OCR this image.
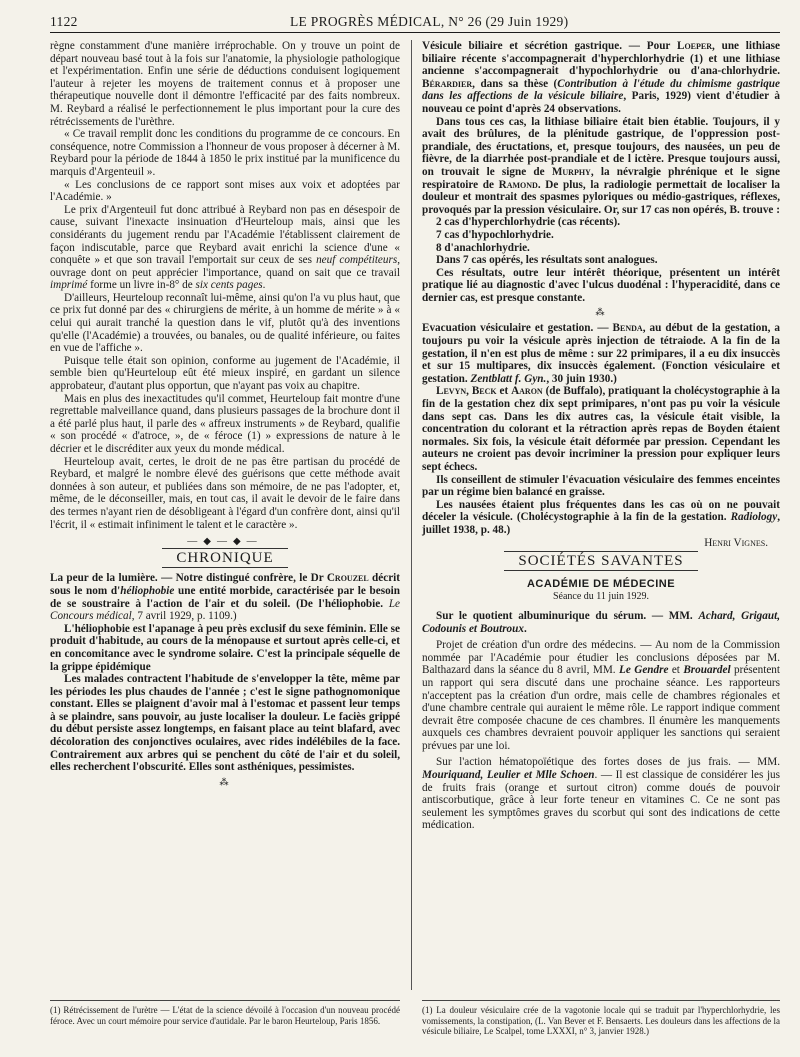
1122	LE PROGRÈS MÉDICAL, N° 26 (29 Juin 1929)

règne constamment d'une manière irréprochable. On y trouve un point de départ nouveau basé tout à la fois sur l'anatomie, la physiologie pathologique et l'expérimentation. Enfin une série de déductions conduisent logiquement l'auteur à rejeter les moyens de traitement connus et à proposer une thérapeutique nouvelle dont il démontre l'efficacité par des faits nombreux. M. Reybard a réalisé le perfectionnement le plus important pour la cure des rétrécissements de l'urèthre.

« Ce travail remplit donc les conditions du programme de ce concours. En conséquence, notre Commission a l'honneur de vous proposer à décerner à M. Reybard pour la période de 1844 à 1850 le prix institué par la munificence du marquis d'Argenteuil ».

« Les conclusions de ce rapport sont mises aux voix et adoptées par l'Académie. »

Le prix d'Argenteuil fut donc attribué à Reybard non pas en désespoir de cause, suivant l'inexacte insinuation d'Heurteloup mais, ainsi que les considérants du jugement rendu par l'Académie l'établissent clairement de façon indiscutable, parce que Reybard avait enrichi la science d'une « conquête » et que son travail l'emportait sur ceux de ses neuf compétiteurs, ouvrage dont on peut apprécier l'importance, quand on sait que ce travail imprimé forme un livre in-8° de six cents pages.

D'ailleurs, Heurteloup reconnaît lui-même, ainsi qu'on l'a vu plus haut, que ce prix fut donné par des « chirurgiens de mérite, à un homme de mérite » à « celui qui aurait tranché la question dans le vif, plutôt qu'à des inventions qu'elle (l'Académie) a trouvées, ou banales, ou de qualité inférieure, ou faites en vue de l'affiche ».

Puisque telle était son opinion, conforme au jugement de l'Académie, il semble bien qu'Heurteloup eût été mieux inspiré, en gardant un silence approbateur, d'autant plus opportun, que n'ayant pas voix au chapitre.

Mais en plus des inexactitudes qu'il commet, Heurteloup fait montre d'une regrettable malveillance quand, dans plusieurs passages de la brochure dont il a été parlé plus haut, il parle des « affreux instruments » de Reybard, qualifie « son procédé « d'atroce, », de « féroce (1) » expressions de nature à le décrier et le discréditer aux yeux du monde médical.

Heurteloup avait, certes, le droit de ne pas être partisan du procédé de Reybard, et malgré le nombre élevé des guérisons que cette méthode avait données à son auteur, et publiées dans son mémoire, de ne pas l'adopter, et, même, de le déconseiller, mais, en tout cas, il avait le devoir de le faire dans des termes n'ayant rien de désobligeant à l'égard d'un confrère dont, ainsi qu'il l'écrit, il « estimait infiniment le talent et le caractère ».

—◆—◆—
CHRONIQUE

La peur de la lumière. — Notre distingué confrère, le Dr Crouzel décrit sous le nom d'héliophobie une entité morbide, caractérisée par le besoin de se soustraire à l'action de l'air et du soleil. (De l'héliophobie. Le Concours médical, 7 avril 1929, p. 1109.)

L'héliophobie est l'apanage à peu près exclusif du sexe féminin. Elle se produit d'habitude, au cours de la ménopause et surtout après celle-ci, et en concomitance avec le syndrome solaire. C'est la principale séquelle de la grippe épidémique

Les malades contractent l'habitude de s'envelopper la tête, même par les périodes les plus chaudes de l'année ; c'est le signe pathognomonique constant. Elles se plaignent d'avoir mal à l'estomac et passent leur temps à se plaindre, sans pouvoir, au juste localiser la douleur. Le faciès grippé du début persiste assez longtemps, en faisant place au teint blafard, avec décoloration des conjonctives oculaires, avec rides indélébiles de la face. Contrairement aux arbres qui se penchent du côté de l'air et du soleil, elles recherchent l'obscurité. Elles sont asthéniques, pessimistes.

⁂

Vésicule biliaire et sécrétion gastrique. — Pour Loeper, une lithiase biliaire récente s'accompagnerait d'hyperchlorhydrie (1) et une lithiase ancienne s'accompagnerait d'hypochlorhydrie ou d'ana-chlorhydrie. Bérardier, dans sa thèse (Contribution à l'étude du chimisme gastrique dans les affections de la vésicule biliaire, Paris, 1929) vient d'étudier à nouveau ce point d'après 24 observations.

Dans tous ces cas, la lithiase biliaire était bien établie. Toujours, il y avait des brûlures, de la plénitude gastrique, de l'oppression post-prandiale, des éructations, et, presque toujours, des nausées, un peu de fièvre, de la diarrhée post-prandiale et de l ictère. Presque toujours aussi, on trouvait le signe de Murphy, la névralgie phrénique et le signe respiratoire de Ramond. De plus, la radiologie permettait de localiser la douleur et montrait des spasmes pyloriques ou médio-gastriques, réflexes, provoqués par la pression vésiculaire. Or, sur 17 cas non opérés, B. trouve :

2 cas d'hyperchlorhydrie (cas récents).

7 cas d'hypochlorhydrie.

8 d'anachlorhydrie.

Dans 7 cas opérés, les résultats sont analogues.

Ces résultats, outre leur intérêt théorique, présentent un intérêt pratique lié au diagnostic d'avec l'ulcus duodénal : l'hyperacidité, dans ce dernier cas, est presque constante.

⁂

Evacuation vésiculaire et gestation. — Benda, au début de la gestation, a toujours pu voir la vésicule après injection de tétraiode. A la fin de la gestation, il n'en est plus de même : sur 22 primipares, il a eu dix insuccès et sur 15 multipares, dix insuccès également. (Fonction vésiculaire et gestation. Zentblatt f. Gyn., 30 juin 1930.)

Levyn, Beck et Aaron (de Buffalo), pratiquant la cholécystographie à la fin de la gestation chez dix sept primipares, n'ont pas pu voir la vésicule dans sept cas. Dans les dix autres cas, la vésicule était visible, la concentration du colorant et la rétraction après repas de Boyden étaient normales. Six fois, la vésicule était déformée par pression. Cependant les auteurs ne croient pas devoir incriminer la pression pour expliquer leurs sept échecs.

Ils conseillent de stimuler l'évacuation vésiculaire des femmes enceintes par un régime bien balancé en graisse.

Les nausées étaient plus fréquentes dans les cas où on ne pouvait déceler la vésicule. (Cholécystographie à la fin de la gestation. Radiology, juillet 1938, p. 48.)

Henri Vignes.
SOCIÉTÉS SAVANTES
ACADÉMIE DE MÉDECINE
Séance du 11 juin 1929.

Sur le quotient albuminurique du sérum. — MM. Achard, Grigaut, Codounis et Boutroux.

Projet de création d'un ordre des médecins. — Au nom de la Commission nommée par l'Académie pour étudier les conclusions déposées par M. Balthazard dans la séance du 8 avril, MM. Le Gendre et Brouardel présentent un rapport qui sera discuté dans une prochaine séance. Les rapporteurs n'acceptent pas la création d'un ordre, mais celle de chambres régionales et d'une chambre centrale qui auraient le même rôle. Le rapport indique comment devrait être composée chacune de ces chambres. Il énumère les manquements auxquels ces chambres devraient pouvoir appliquer les sanctions qui seraient prévues par une loi.

Sur l'action hématopoïétique des fortes doses de jus frais. — MM. Mouriquand, Leulier et Mlle Schoen. — Il est classique de considérer les jus de fruits frais (orange et surtout citron) comme doués de pouvoir antiscorbutique, grâce à leur forte teneur en vitamines C. Ce ne sont pas seulement les symptômes graves du scorbut qui sont des indications de cette médication.

(1) Rétrécissement de l'urètre — L'état de la science dévoilé à l'occasion d'un nouveau procédé féroce. Avec un court mémoire pour service d'autidale. Par le baron Heurteloup, Paris 1856.
(1) La douleur vésiculaire crée de la vagotonie locale qui se traduit par l'hyperchlorhydrie, les vomissements, la constipation, (L. Van Bever et F. Bensaerts. Les douleurs dans les affections de la vésicule biliaire, Le Scalpel, tome LXXXI, n° 3, janvier 1928.)
